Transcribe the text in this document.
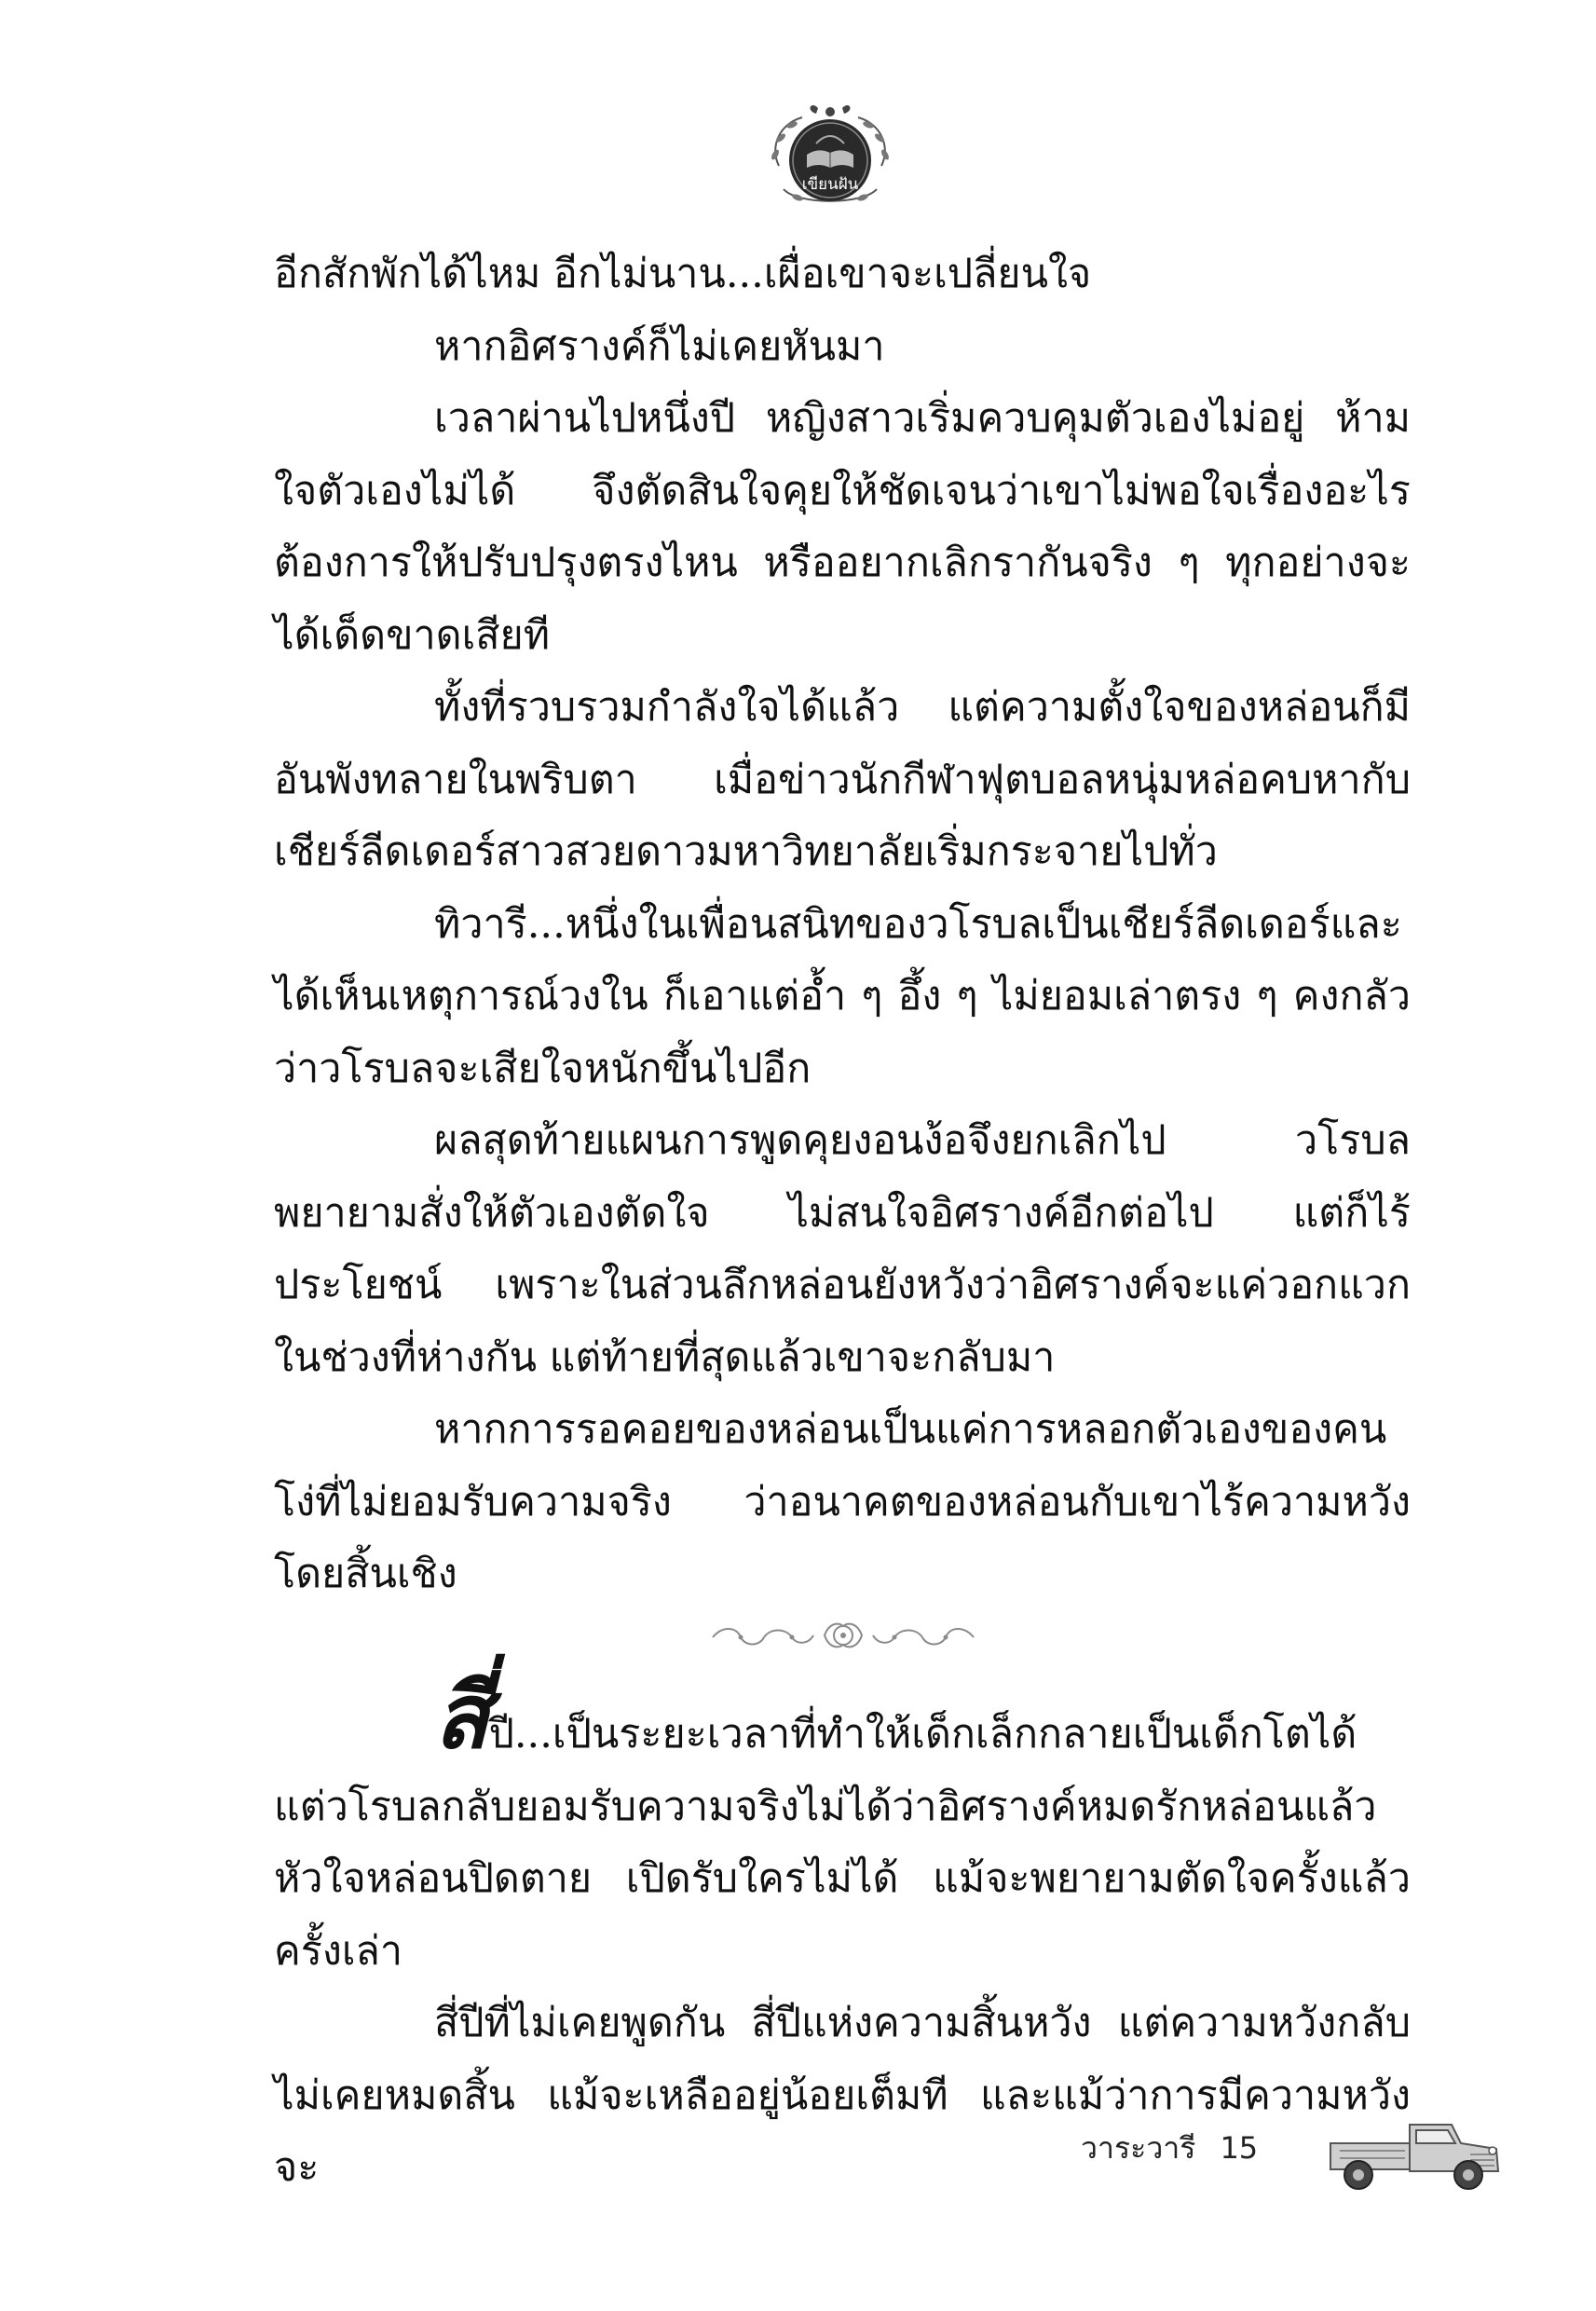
เขียนฝัน

อีกสักพักได้ไหม อีกไม่นาน...เผื่อเขาจะเปลี่ยนใจ

หากอิศรางค์ก็ไม่เคยหันมา

เวลาผ่านไปหนึ่งปี หญิงสาวเริ่มควบคุมตัวเองไม่อยู่ ห้ามใจตัวเองไม่ได้ จึงตัดสินใจคุยให้ชัดเจนว่าเขาไม่พอใจเรื่องอะไร ต้องการให้ปรับปรุงตรงไหน หรืออยากเลิกรากันจริง ๆ ทุกอย่างจะได้เด็ดขาดเสียที

ทั้งที่รวบรวมกำลังใจได้แล้ว แต่ความตั้งใจของหล่อนก็มีอันพังทลายในพริบตา เมื่อข่าวนักกีฬาฟุตบอลหนุ่มหล่อคบหากับเชียร์ลีดเดอร์สาวสวยดาวมหาวิทยาลัยเริ่มกระจายไปทั่ว

ทิวารี...หนึ่งในเพื่อนสนิทของวโรบลเป็นเชียร์ลีดเดอร์และได้เห็นเหตุการณ์วงใน ก็เอาแต่อ้ำ ๆ อึ้ง ๆ ไม่ยอมเล่าตรง ๆ คงกลัวว่าวโรบลจะเสียใจหนักขึ้นไปอีก

ผลสุดท้ายแผนการพูดคุยงอนง้อจึงยกเลิกไป วโรบลพยายามสั่งให้ตัวเองตัดใจ ไม่สนใจอิศรางค์อีกต่อไป แต่ก็ไร้ประโยชน์ เพราะในส่วนลึกหล่อนยังหวังว่าอิศรางค์จะแค่วอกแวกในช่วงที่ห่างกัน แต่ท้ายที่สุดแล้วเขาจะกลับมา

หากการรอคอยของหล่อนเป็นแค่การหลอกตัวเองของคนโง่ที่ไม่ยอมรับความจริง ว่าอนาคตของหล่อนกับเขาไร้ความหวังโดยสิ้นเชิง

สี่ปี...เป็นระยะเวลาที่ทำให้เด็กเล็กกลายเป็นเด็กโตได้ แต่วโรบลกลับยอมรับความจริงไม่ได้ว่าอิศรางค์หมดรักหล่อนแล้ว หัวใจหล่อนปิดตาย เปิดรับใครไม่ได้ แม้จะพยายามตัดใจครั้งแล้วครั้งเล่า

สี่ปีที่ไม่เคยพูดกัน สี่ปีแห่งความสิ้นหวัง แต่ความหวังกลับไม่เคยหมดสิ้น แม้จะเหลืออยู่น้อยเต็มที และแม้ว่าการมีความหวังจะ	วาระวารี 15
